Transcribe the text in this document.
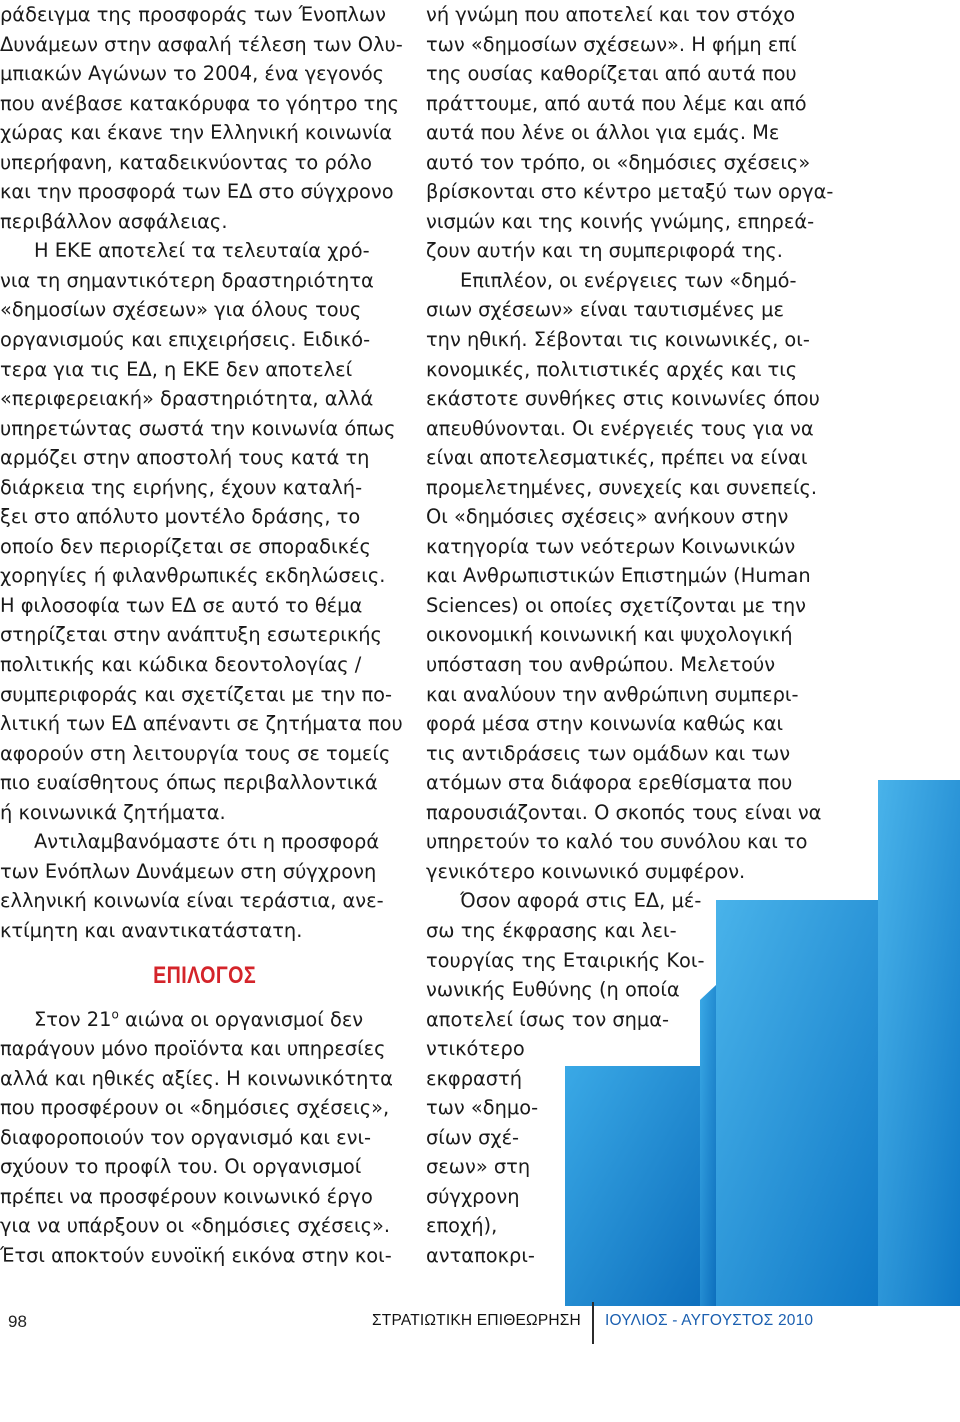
ράδειγμα της προσφοράς των Ένοπλων
Δυνάμεων στην ασφαλή τέλεση των Ολυ-
μπιακών Αγώνων το 2004, ένα γεγονός
που ανέβασε κατακόρυφα το γόητρο της
χώρας και έκανε την Ελληνική κοινωνία
υπερήφανη, καταδεικνύοντας το ρόλο
και την προσφορά των ΕΔ στο σύγχρονο
περιβάλλον ασφάλειας.
Η ΕΚΕ αποτελεί τα τελευταία χρό-
νια τη σημαντικότερη δραστηριότητα
«δημοσίων σχέσεων» για όλους τους
οργανισμούς και επιχειρήσεις. Ειδικό-
τερα για τις ΕΔ, η ΕΚΕ δεν αποτελεί
«περιφερειακή» δραστηριότητα, αλλά
υπηρετώντας σωστά την κοινωνία όπως
αρμόζει στην αποστολή τους κατά τη
διάρκεια της ειρήνης, έχουν καταλή-
ξει στο απόλυτο μοντέλο δράσης, το
οποίο δεν περιορίζεται σε σποραδικές
χορηγίες ή φιλανθρωπικές εκδηλώσεις.
Η φιλοσοφία των ΕΔ σε αυτό το θέμα
στηρίζεται στην ανάπτυξη εσωτερικής
πολιτικής και κώδικα δεοντολογίας /
συμπεριφοράς και σχετίζεται με την πο-
λιτική των ΕΔ απέναντι σε ζητήματα που
αφορούν στη λειτουργία τους σε τομείς
πιο ευαίσθητους όπως περιβαλλοντικά
ή κοινωνικά ζητήματα.
Αντιλαμβανόμαστε ότι η προσφορά
των Ενόπλων Δυνάμεων στη σύγχρονη
ελληνική κοινωνία είναι τεράστια, ανε-
κτίμητη και αναντικατάστατη.
ΕΠΙΛΟΓΟΣ
Στον $21^o$ αιώνα οι οργανισμοί δεν
παράγουν μόνο προϊόντα και υπηρεσίες
αλλά και ηθικές αξίες. Η κοινωνικότητα
που προσφέρουν οι «δημόσιες σχέσεις»,
διαφοροποιούν τον οργανισμό και ενι-
σχύουν το προφίλ του. Οι οργανισμοί
πρέπει να προσφέρουν κοινωνικό έργο
για να υπάρξουν οι «δημόσιες σχέσεις».
Έτσι αποκτούν ευνοϊκή εικόνα στην κοι-
νή γνώμη που αποτελεί και τον στόχο
των «δημοσίων σχέσεων». Η φήμη επί
της ουσίας καθορίζεται από αυτά που
πράττουμε, από αυτά που λέμε και από
αυτά που λένε οι άλλοι για εμάς. Με
αυτό τον τρόπο, οι «δημόσιες σχέσεις»
βρίσκονται στο κέντρο μεταξύ των οργα-
νισμών και της κοινής γνώμης, επηρεά-
ζουν αυτήν και τη συμπεριφορά της.
Επιπλέον, οι ενέργειες των «δημό-
σιων σχέσεων» είναι ταυτισμένες με
την ηθική. Σέβονται τις κοινωνικές, οι-
κονομικές, πολιτιστικές αρχές και τις
εκάστοτε συνθήκες στις κοινωνίες όπου
απευθύνονται. Οι ενέργειές τους για να
είναι αποτελεσματικές, πρέπει να είναι
προμελετημένες, συνεχείς και συνεπείς.
Οι «δημόσιες σχέσεις» ανήκουν στην
κατηγορία των νεότερων Κοινωνικών
και Ανθρωπιστικών Επιστημών (Human
Sciences) οι οποίες σχετίζονται με την
οικονομική κοινωνική και ψυχολογική
υπόσταση του ανθρώπου. Μελετούν
και αναλύουν την ανθρώπινη συμπερι-
φορά μέσα στην κοινωνία καθώς και
τις αντιδράσεις των ομάδων και των
ατόμων στα διάφορα ερεθίσματα που
παρουσιάζονται. Ο σκοπός τους είναι να
υπηρετούν το καλό του συνόλου και το
γενικότερο κοινωνικό συμφέρον.
Όσον αφορά στις ΕΔ, μέ-
σω της έκφρασης και λει-
τουργίας της Εταιρικής Κοι-
νωνικής Ευθύνης (η οποία
αποτελεί ίσως τον σημα-
ντικότερο
εκφραστή
των «δημο-
σίων σχέ-
σεων» στη
σύγχρονη
εποχή),
ανταποκρι-
98	ΣΤΡΑΤΙΩΤΙΚΗ ΕΠΙΘΕΩΡΗΣΗ ΙΟΥΛΙΟΣ - ΑΥΓΟΥΣΤΟΣ 2010
